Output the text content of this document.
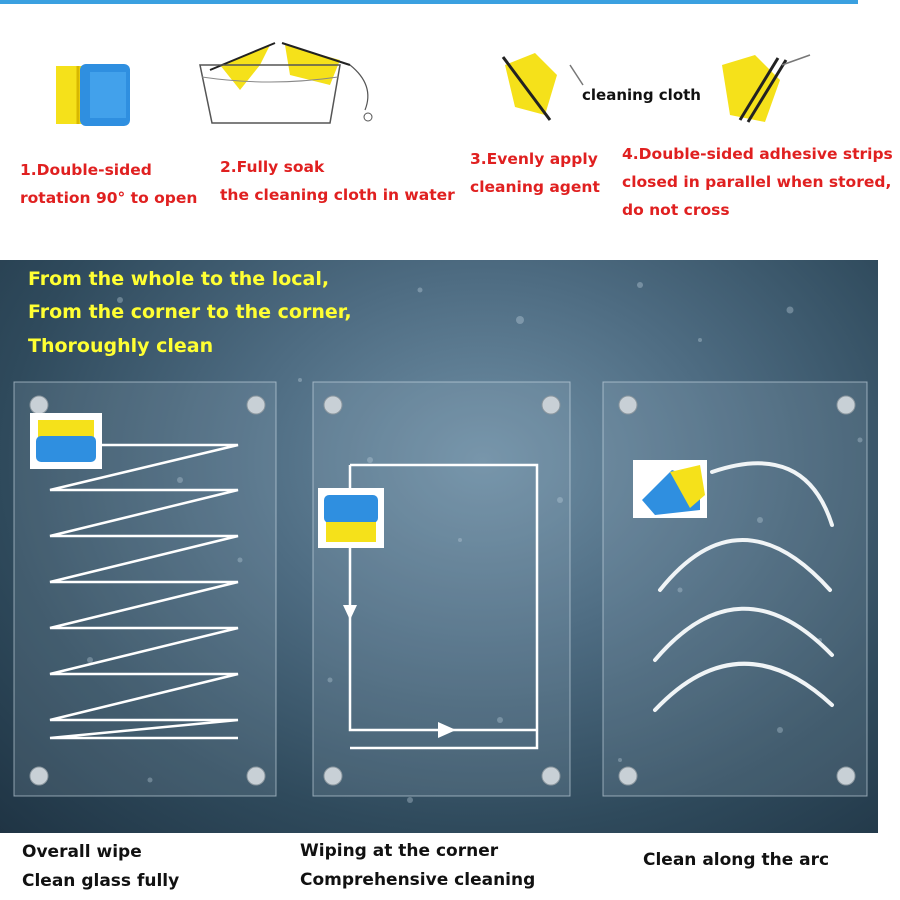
cleaning cloth
1.Double-sided
rotation 90° to open
2.Fully soak
the cleaning cloth in water
3.Evenly apply
cleaning agent
4.Double-sided adhesive strips
closed in parallel when stored,
do not cross
From the whole to the local,
From the corner to the corner,
Thoroughly clean
Overall wipe
Clean glass fully
Wiping at the corner
Comprehensive cleaning
Clean along the arc
